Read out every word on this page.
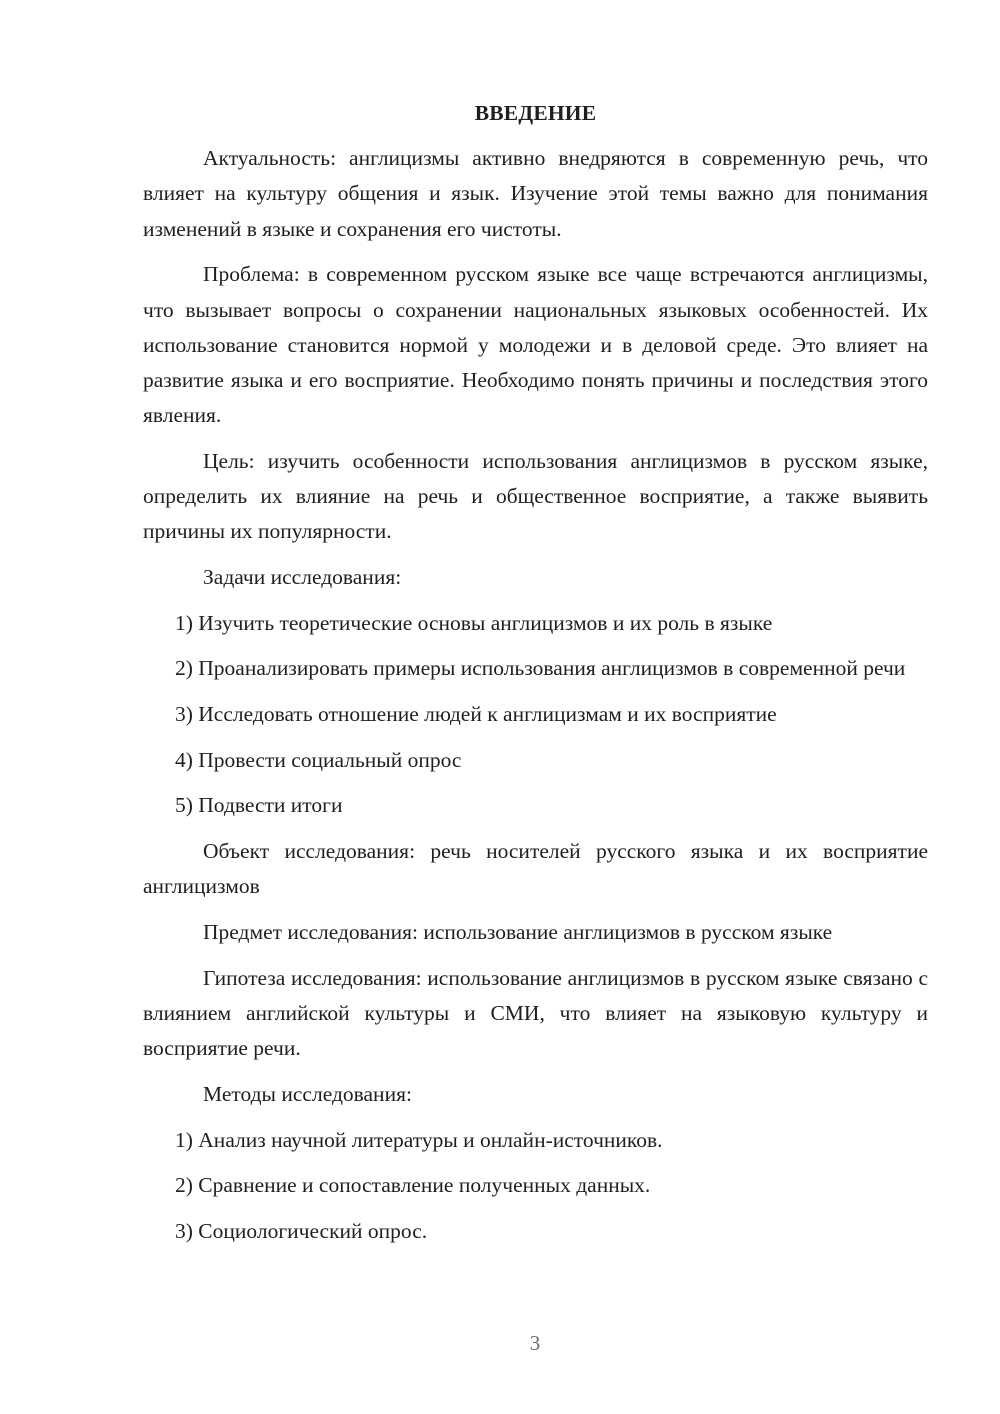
ВВЕДЕНИЕ

Актуальность: англицизмы активно внедряются в современную речь, что влияет на культуру общения и язык. Изучение этой темы важно для понимания изменений в языке и сохранения его чистоты.

Проблема: в современном русском языке все чаще встречаются англицизмы, что вызывает вопросы о сохранении национальных языковых особенностей. Их использование становится нормой у молодежи и в деловой среде. Это влияет на развитие языка и его восприятие. Необходимо понять причины и последствия этого явления.

Цель: изучить особенности использования англицизмов в русском языке, определить их влияние на речь и общественное восприятие, а также выявить причины их популярности.

Задачи исследования:

1) Изучить теоретические основы англицизмов и их роль в языке

2) Проанализировать примеры использования англицизмов в современной речи

3) Исследовать отношение людей к англицизмам и их восприятие

4) Провести социальный опрос

5) Подвести итоги

Объект исследования: речь носителей русского языка и их восприятие англицизмов

Предмет исследования: использование англицизмов в русском языке

Гипотеза исследования: использование англицизмов в русском языке связано с влиянием английской культуры и СМИ, что влияет на языковую культуру и восприятие речи.

Методы исследования:

1) Анализ научной литературы и онлайн-источников.

2) Сравнение и сопоставление полученных данных.

3) Социологический опрос.

3
